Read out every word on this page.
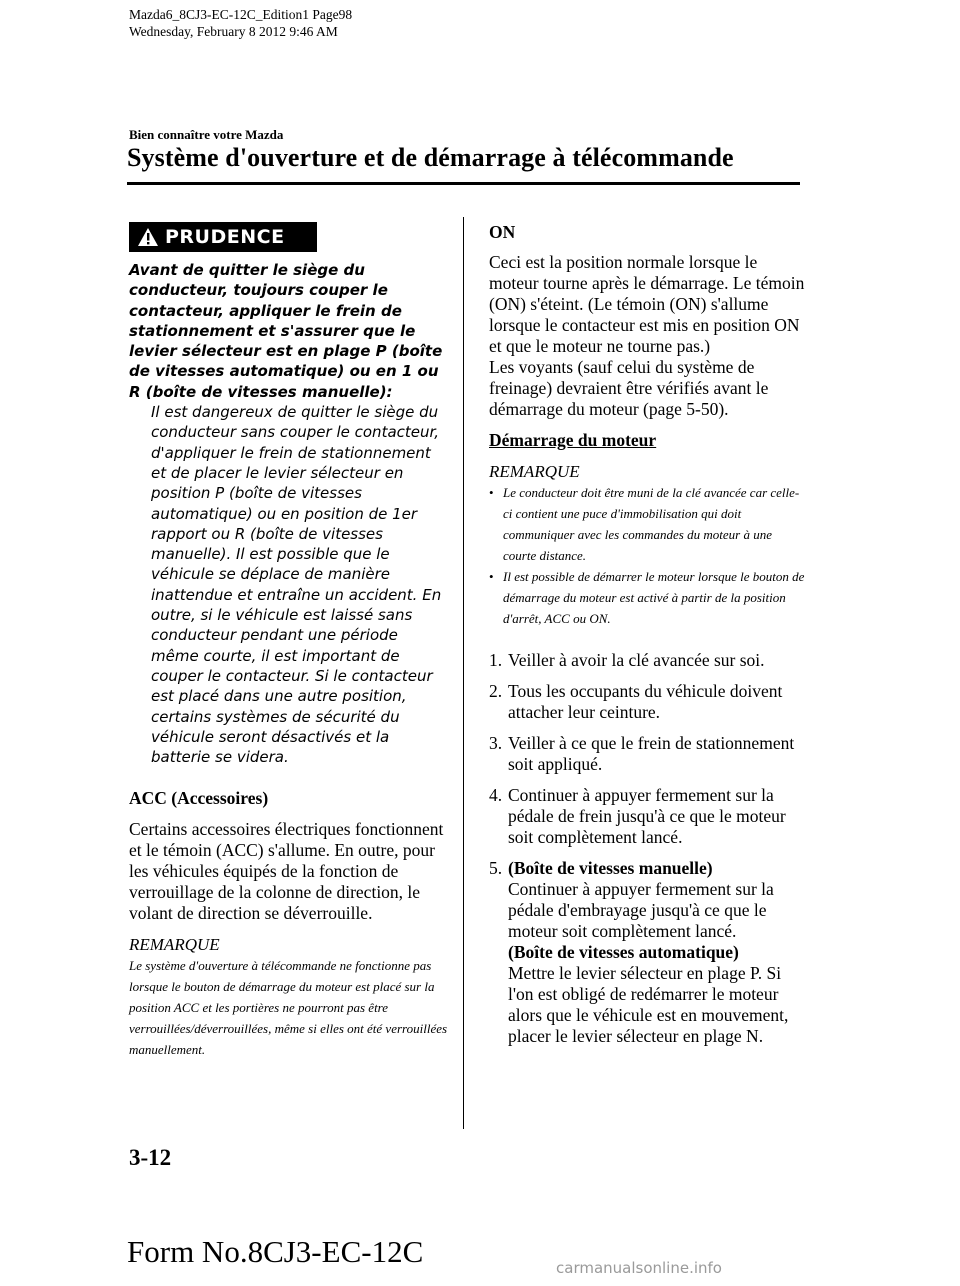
Mazda6_8CJ3-EC-12C_Edition1 Page98
Wednesday, February 8 2012 9:46 AM
Bien connaître votre Mazda
Système d'ouverture et de démarrage à télécommande
PRUDENCE

Avant de quitter le siège du conducteur, toujours couper le contacteur, appliquer le frein de stationnement et s'assurer que le levier sélecteur est en plage P (boîte de vitesses automatique) ou en 1 ou R (boîte de vitesses manuelle):

Il est dangereux de quitter le siège du conducteur sans couper le contacteur, d'appliquer le frein de stationnement et de placer le levier sélecteur en position P (boîte de vitesses automatique) ou en position de 1er rapport ou R (boîte de vitesses manuelle). Il est possible que le véhicule se déplace de manière inattendue et entraîne un accident. En outre, si le véhicule est laissé sans conducteur pendant une période même courte, il est important de couper le contacteur. Si le contacteur est placé dans une autre position, certains systèmes de sécurité du véhicule seront désactivés et la batterie se videra.

ACC (Accessoires)

Certains accessoires électriques fonctionnent et le témoin (ACC) s'allume. En outre, pour les véhicules équipés de la fonction de verrouillage de la colonne de direction, le volant de direction se déverrouille.

REMARQUE

Le système d'ouverture à télécommande ne fonctionne pas lorsque le bouton de démarrage du moteur est placé sur la position ACC et les portières ne pourront pas être verrouillées/déverrouillées, même si elles ont été verrouillées manuellement.

ON

Ceci est la position normale lorsque le moteur tourne après le démarrage. Le témoin (ON) s'éteint. (Le témoin (ON) s'allume lorsque le contacteur est mis en position ON et que le moteur ne tourne pas.)

Les voyants (sauf celui du système de freinage) devraient être vérifiés avant le démarrage du moteur (page 5-50).

Démarrage du moteur

REMARQUE

• Le conducteur doit être muni de la clé avancée car celle-ci contient une puce d'immobilisation qui doit communiquer avec les commandes du moteur à une courte distance.
• Il est possible de démarrer le moteur lorsque le bouton de démarrage du moteur est activé à partir de la position d'arrêt, ACC ou ON.
1. Veiller à avoir la clé avancée sur soi.
2. Tous les occupants du véhicule doivent attacher leur ceinture.
3. Veiller à ce que le frein de stationnement soit appliqué.
4. Continuer à appuyer fermement sur la pédale de frein jusqu'à ce que le moteur soit complètement lancé.
5. (Boîte de vitesses manuelle)
Continuer à appuyer fermement sur la pédale d'embrayage jusqu'à ce que le moteur soit complètement lancé.
(Boîte de vitesses automatique)
Mettre le levier sélecteur en plage P. Si l'on est obligé de redémarrer le moteur alors que le véhicule est en mouvement, placer le levier sélecteur en plage N.
3-12
Form No.8CJ3-EC-12C	carmanualsonline.info
